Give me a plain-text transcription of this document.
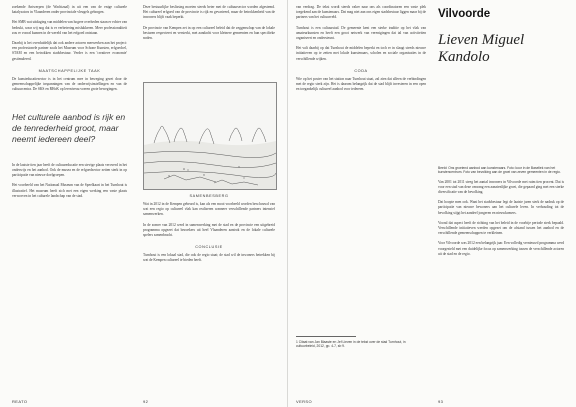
zoekende Antwerpen (de Wachtzaal) in uit een van de enige culturele katalysators in Vlaanderen onder provinciale vleugels geborgen.

Het SMB wat uitdaging van middelen van hogere overheden staan er echter van bedrukt, waar wij nog dat is er verbetering mislukkeren. Meer professionaliteit zou er vooral kunnen in de wereld van het erfgoed ontstaan.

Daarbij is het overduidelijk dat ook andere actoren meewerken aan het project: een professionele partner zoals het Museum voor Schone Kunsten, erfgoedcel, STAM en een betrokken stadsbestuur. Verder is een 'creatieve economie' gestimuleerd.

MAATSCHAPPELIJKE TAAK

De kunsteducatiesector is in het centrum mee in beweging gezet door de gemeenschappelijke inspanningen van de onderwijsinstellingen en van de cultuurcentra. De SKS en RHoK op leerniveau voeren grote bewegingen.

Het culturele aanbod is rijk en de tenrederheid groot, maar neemt iedereen deel?

In de laatste tien jaar heeft de cultuureducatie een stevige plaats veroverd in het onderwijs en het aanbod. Ook de musea en de erfgoedsector zetten sterk in op participatie van nieuwe doelgroepen.

Het voorbeeld van het Nationaal Museum van de Speelkaart in het Turnhout is illustratief. Het museum heeft zich met een eigen werking een vaste plaats verworven in het culturele landschap van de stad.

Deze bestuurlijke beslissing moeten steeds beter met de cultuursector worden afgestemd. Het cultureel erfgoed van de provincie is rijk en gevarieerd, maar de betrokkenheid van de inwoners blijft vaak beperkt.

De provincie van Kempen zet in op een cultureel beleid dat de zeggenschap van de lokale besturen respecteert en versterkt, met aandacht voor kleinere gemeenten en hun specifieke noden.

SAMENBESBERG

Wat in 2012 in de Kempen gebeurd is, kan als een mooi voorbeeld worden beschouwd van wat een regio op cultureel vlak kan realiseren wanneer verschillende partners intensief samenwerken.

In de zomer van 2012 werd in samenwerking met de stad en de provincie een uitgebreid programma opgezet dat bezoekers uit heel Vlaanderen aantrok en de lokale culturele spelers samenbracht.

CONCLUSIE

Turnhout is een lokaal stad, die ook de regio staat; de stad wil de inwoners betrekken bij wat de Kempen cultureel te bieden heeft.

REATO	92

van verdrag. De tekst wordt steeds vaker naar ons als coordinatoren een vaste plek toegekend aan de kunstenaars. Dat mag niet aan ons eigen stadsbestuur liggen maar bij de partners van het cultuurveld.

Turnhout is een cultuurstad. De gemeente kent een sterke traditie op het vlak van amateurkunsten en heeft een groot netwerk van verenigingen dat tal van activiteiten organiseert en ondersteunt.

Het valt daarbij op dat Turnhout de middelen beperkt en toch er in slaagt steeds nieuwe initiatieven op te zetten met lokale kunstenaars, scholen en sociale organisaties in de verschillende wijken.

CODA

Wie op het poster van het station naar Turnhout staat, zal zien dat alleen de verbindingen met de regio sterk zijn. Het is daarom belangrijk dat de stad blijft investeren in een open en toegankelijk cultureel aanbod voor iedereen.

1 Citaat van Jan Blaaste en Jef Lieven in de tekst over de stad Turnhout, in cultuurbeleid, 2012, pp. 4-7, sb 9.

Vilvoorde
Lieven Miguel Kandolo

Beeld: Ons groeiend aanbod aan kunstenaars. Foto: koor in de Baseliek van het kunstencentrum. Foto van bevolking aan de groei van zeven gemeenten in de regio.

Van 2001 tot 2011 steeg het aantal inwoners in Vilvoorde met ruim tien procent. Dat is voor een stad van deze omvang een aanzienlijke groei, die gepaard ging met een sterke diversificatie van de bevolking.

Dat hoopte men ook. Want het stadsbestuur legt de laatste jaren sterk de nadruk op de participatie van nieuwe bewoners aan het culturele leven. In verhouding tot de bevolking stijgt het aandeel jongeren en nieuwkomers.

Vooral dat aspect heeft de richting van het beleid in de voorbije periode sterk bepaald. Verschillende initiatieven werden opgezet om de afstand tussen het aanbod en de verschillende gemeenschappen te verkleinen.

Voor Vilvoorde was 2012 een belangrijk jaar. Een volledig vernieuwd programma werd voorgesteld met een duidelijke focus op samenwerking tussen de verschillende actoren uit de stad en de regio.

VERSO	93
